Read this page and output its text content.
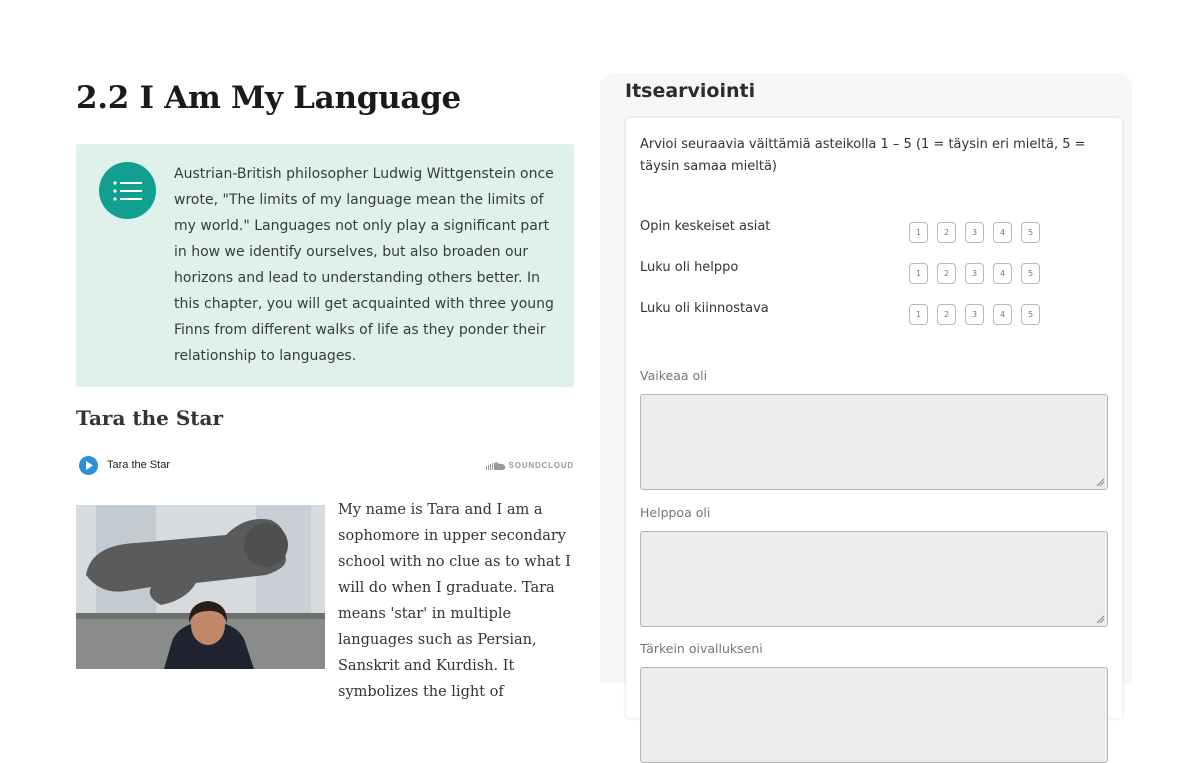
2.2 I Am My Language

Austrian-British philosopher Ludwig Wittgenstein once wrote, "The limits of my language mean the limits of my world." Languages not only play a significant part in how we identify ourselves, but also broaden our horizons and lead to understanding others better. In this chapter, you will get acquainted with three young Finns from different walks of life as they ponder their relationship to languages.

Tara the Star
Tara the Star	SOUNDCLOUD

My name is Tara and I am a sophomore in upper secondary school with no clue as to what I will do when I graduate. Tara means 'star' in multiple languages such as Persian, Sanskrit and Kurdish. It symbolizes the light of

Itsearviointi

Arvioi seuraavia väittämiä asteikolla 1 – 5 (1 = täysin eri mieltä, 5 = täysin samaa mieltä)

Opin keskeiset asiat	1	2	3	4	5
Luku oli helppo	1	2	3	4	5
Luku oli kiinnostava	1	2	3	4	5
Vaikeaa oli
Helppoa oli
Tärkein oivallukseni
